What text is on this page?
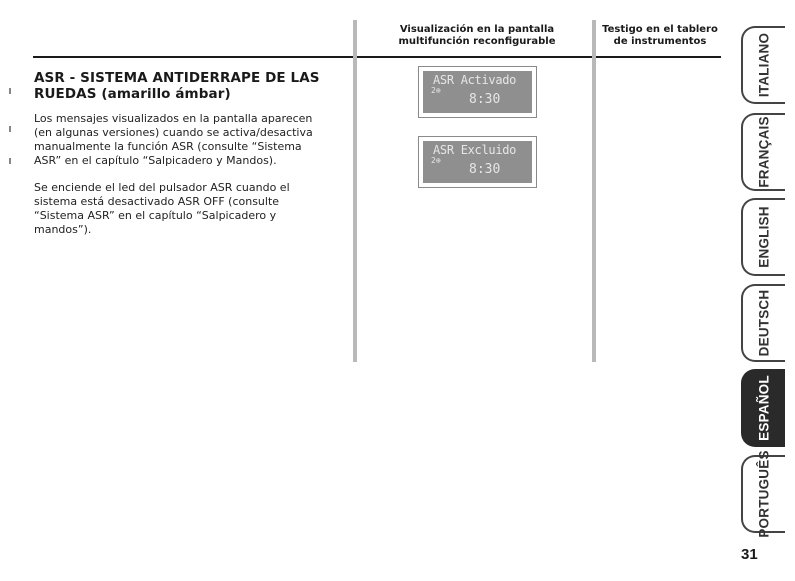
Visualización en la pantalla multifunción reconfigurable
Testigo en el tablero de instrumentos
ASR - SISTEMA ANTIDERRAPE DE LAS
RUEDAS (amarillo ámbar)
Los mensajes visualizados en la pantalla aparecen (en algunas versiones) cuando se activa/desactiva manualmente la función ASR (consulte “Sistema ASR” en el capítulo “Salpicadero y Mandos).
Se enciende el led del pulsador ASR cuando el sistema está desactivado ASR OFF (consulte “Sistema ASR” en el capítulo “Salpicadero y mandos”).
ASR Activado
2⊕
8:30
ASR Excluido
2⊕
8:30
ITALIANO
FRANÇAIS
ENGLISH
DEUTSCH
ESPAÑOL
PORTUGUÊS
31
